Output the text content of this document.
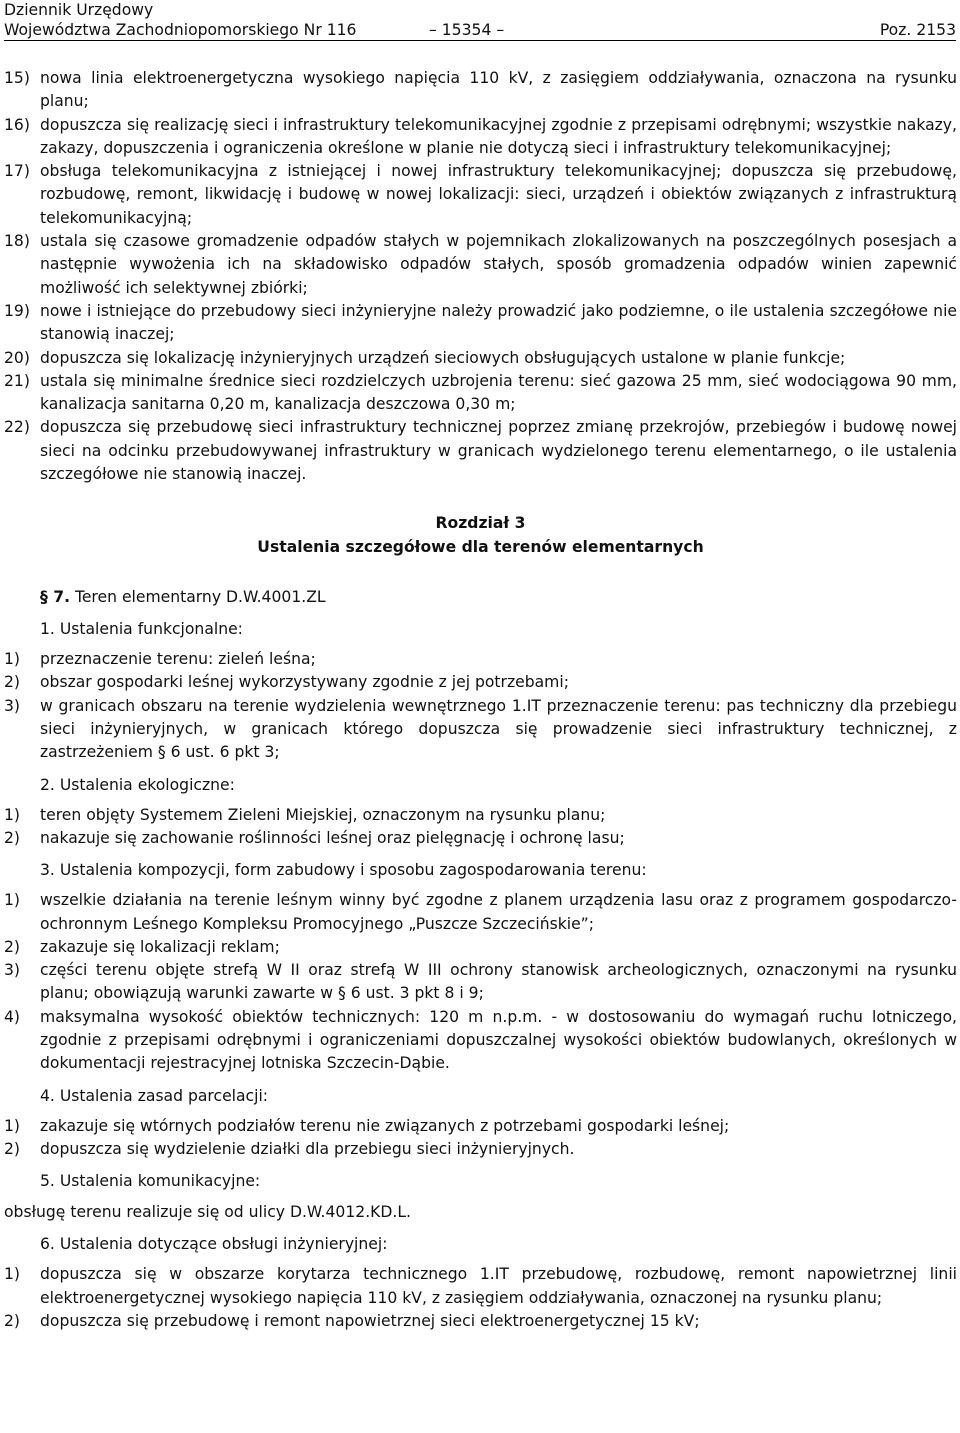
Dziennik Urzędowy
Województwa Zachodniopomorskiego Nr 116	– 15354 –	Poz. 2153
15) nowa linia elektroenergetyczna wysokiego napięcia 110 kV, z zasięgiem oddziaływania, oznaczona na rysunku planu;
16) dopuszcza się realizację sieci i infrastruktury telekomunikacyjnej zgodnie z przepisami odrębnymi; wszystkie nakazy, zakazy, dopuszczenia i ograniczenia określone w planie nie dotyczą sieci i infrastruktury telekomunikacyjnej;
17) obsługa telekomunikacyjna z istniejącej i nowej infrastruktury telekomunikacyjnej; dopuszcza się przebudowę, rozbudowę, remont, likwidację i budowę w nowej lokalizacji: sieci, urządzeń i obiektów związanych z infrastrukturą telekomunikacyjną;
18) ustala się czasowe gromadzenie odpadów stałych w pojemnikach zlokalizowanych na poszczególnych posesjach a następnie wywożenia ich na składowisko odpadów stałych, sposób gromadzenia odpadów winien zapewnić możliwość ich selektywnej zbiórki;
19) nowe i istniejące do przebudowy sieci inżynieryjne należy prowadzić jako podziemne, o ile ustalenia szczegółowe nie stanowią inaczej;
20) dopuszcza się lokalizację inżynieryjnych urządzeń sieciowych obsługujących ustalone w planie funkcje;
21) ustala się minimalne średnice sieci rozdzielczych uzbrojenia terenu: sieć gazowa 25 mm, sieć wodociągowa 90 mm, kanalizacja sanitarna 0,20 m, kanalizacja deszczowa 0,30 m;
22) dopuszcza się przebudowę sieci infrastruktury technicznej poprzez zmianę przekrojów, przebiegów i budowę nowej sieci na odcinku przebudowywanej infrastruktury w granicach wydzielonego terenu elementarnego, o ile ustalenia szczegółowe nie stanowią inaczej.
Rozdział 3
Ustalenia szczegółowe dla terenów elementarnych
§ 7. Teren elementarny D.W.4001.ZL
1. Ustalenia funkcjonalne:
1) przeznaczenie terenu: zieleń leśna;
2) obszar gospodarki leśnej wykorzystywany zgodnie z jej potrzebami;
3) w granicach obszaru na terenie wydzielenia wewnętrznego 1.IT przeznaczenie terenu: pas techniczny dla przebiegu sieci inżynieryjnych, w granicach którego dopuszcza się prowadzenie sieci infrastruktury technicznej, z zastrzeżeniem § 6 ust. 6 pkt 3;
2. Ustalenia ekologiczne:
1) teren objęty Systemem Zieleni Miejskiej, oznaczonym na rysunku planu;
2) nakazuje się zachowanie roślinności leśnej oraz pielęgnację i ochronę lasu;
3. Ustalenia kompozycji, form zabudowy i sposobu zagospodarowania terenu:
1) wszelkie działania na terenie leśnym winny być zgodne z planem urządzenia lasu oraz z programem gospodarczo-ochronnym Leśnego Kompleksu Promocyjnego „Puszcze Szczecińskie”;
2) zakazuje się lokalizacji reklam;
3) części terenu objęte strefą W II oraz strefą W III ochrony stanowisk archeologicznych, oznaczonymi na rysunku planu; obowiązują warunki zawarte w § 6 ust. 3 pkt 8 i 9;
4) maksymalna wysokość obiektów technicznych: 120 m n.p.m. - w dostosowaniu do wymagań ruchu lotniczego, zgodnie z przepisami odrębnymi i ograniczeniami dopuszczalnej wysokości obiektów budowlanych, określonych w dokumentacji rejestracyjnej lotniska Szczecin-Dąbie.
4. Ustalenia zasad parcelacji:
1) zakazuje się wtórnych podziałów terenu nie związanych z potrzebami gospodarki leśnej;
2) dopuszcza się wydzielenie działki dla przebiegu sieci inżynieryjnych.
5. Ustalenia komunikacyjne:
obsługę terenu realizuje się od ulicy D.W.4012.KD.L.
6. Ustalenia dotyczące obsługi inżynieryjnej:
1) dopuszcza się w obszarze korytarza technicznego 1.IT przebudowę, rozbudowę, remont napowietrznej linii elektroenergetycznej wysokiego napięcia 110 kV, z zasięgiem oddziaływania, oznaczonej na rysunku planu;
2) dopuszcza się przebudowę i remont napowietrznej sieci elektroenergetycznej 15 kV;
